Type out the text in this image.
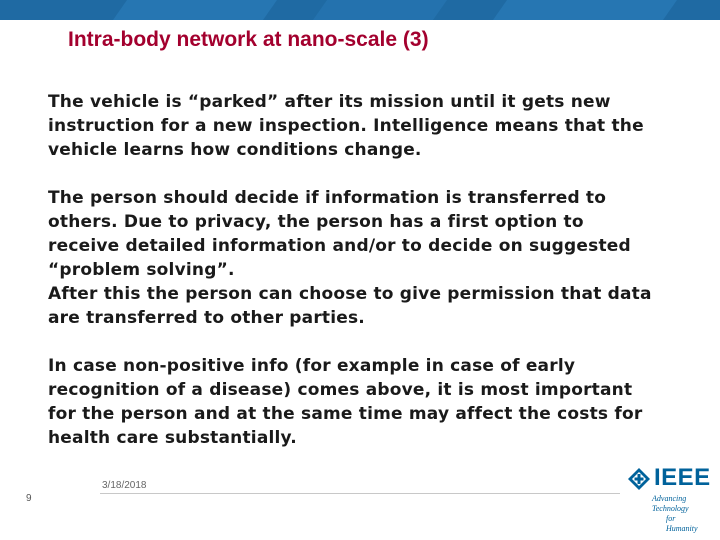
Intra-body network at nano-scale (3)
The vehicle is “parked” after its mission until it gets new
instruction for a new inspection. Intelligence means that the
vehicle learns how conditions change.
The person should decide if information is transferred to
others. Due to privacy, the person has a first option to
receive detailed information and/or to decide on suggested
“problem solving”.
After this the person can choose to give permission that data
are transferred to other parties.
In case non-positive info (for example in case of early
recognition of a disease) comes above, it is most important
for the person and at the same time may affect the costs for
health care substantially.
9
3/18/2018	IEEE
Advancing Technology
for Humanity
